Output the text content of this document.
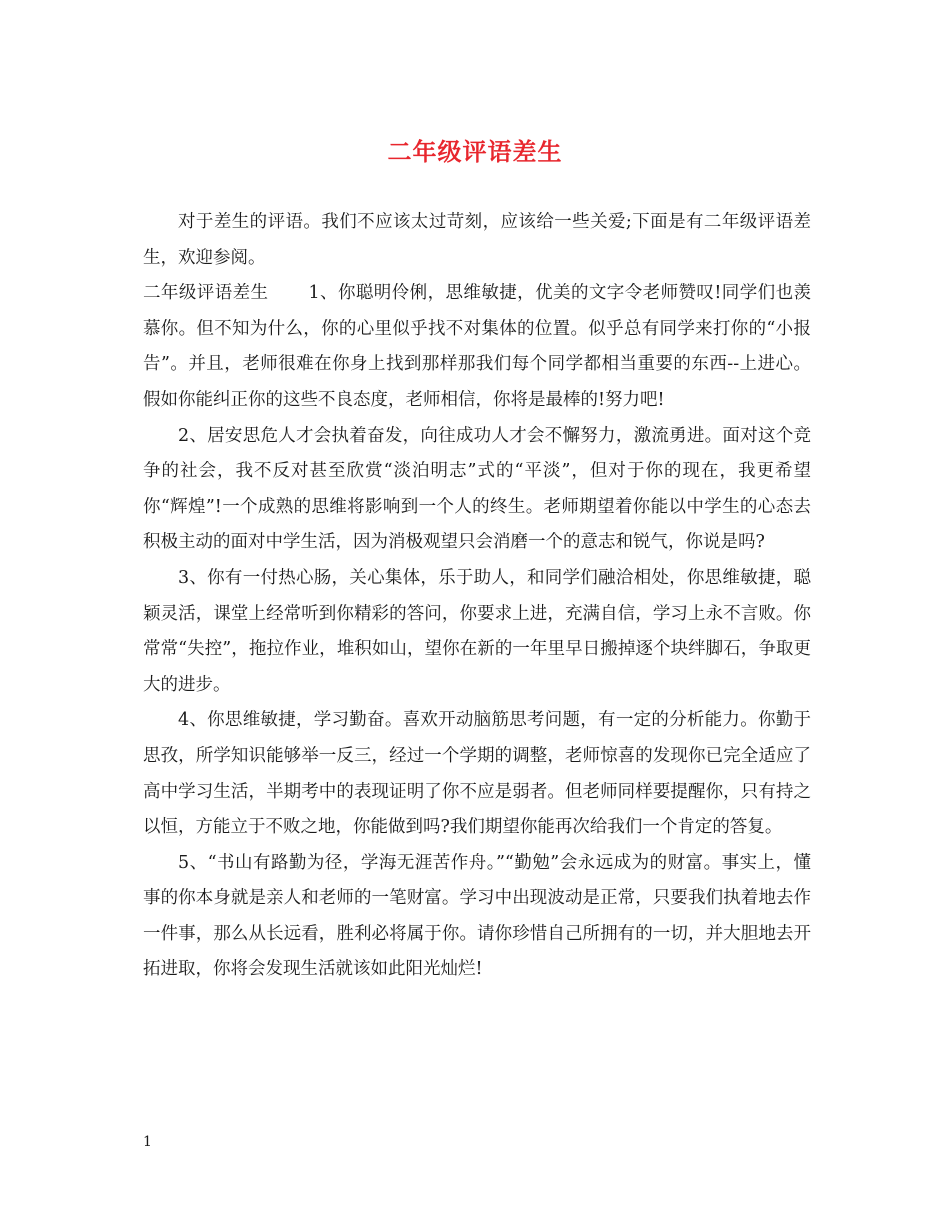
二年级评语差生

对于差生的评语。我们不应该太过苛刻，应该给一些关爱;下面是有二年级评语差生，欢迎参阅。

二年级评语差生 1、你聪明伶俐，思维敏捷，优美的文字令老师赞叹!同学们也羡慕你。但不知为什么，你的心里似乎找不对集体的位置。似乎总有同学来打你的“小报告”。并且，老师很难在你身上找到那样那我们每个同学都相当重要的东西--上进心。假如你能纠正你的这些不良态度，老师相信，你将是最棒的!努力吧!

2、居安思危人才会执着奋发，向往成功人才会不懈努力，激流勇进。面对这个竞争的社会，我不反对甚至欣赏“淡泊明志”式的“平淡”，但对于你的现在，我更希望你“辉煌”!一个成熟的思维将影响到一个人的终生。老师期望着你能以中学生的心态去积极主动的面对中学生活，因为消极观望只会消磨一个的意志和锐气，你说是吗?

3、你有一付热心肠，关心集体，乐于助人，和同学们融洽相处，你思维敏捷，聪颖灵活，课堂上经常听到你精彩的答问，你要求上进，充满自信，学习上永不言败。你常常“失控”，拖拉作业，堆积如山，望你在新的一年里早日搬掉逐个块绊脚石，争取更大的进步。

4、你思维敏捷，学习勤奋。喜欢开动脑筋思考问题，有一定的分析能力。你勤于思孜，所学知识能够举一反三，经过一个学期的调整，老师惊喜的发现你已完全适应了高中学习生活，半期考中的表现证明了你不应是弱者。但老师同样要提醒你，只有持之以恒，方能立于不败之地，你能做到吗?我们期望你能再次给我们一个肯定的答复。

5、“书山有路勤为径，学海无涯苦作舟。”“勤勉”会永远成为的财富。事实上，懂事的你本身就是亲人和老师的一笔财富。学习中出现波动是正常，只要我们执着地去作一件事，那么从长远看，胜利必将属于你。请你珍惜自己所拥有的一切，并大胆地去开拓进取，你将会发现生活就该如此阳光灿烂!

1
